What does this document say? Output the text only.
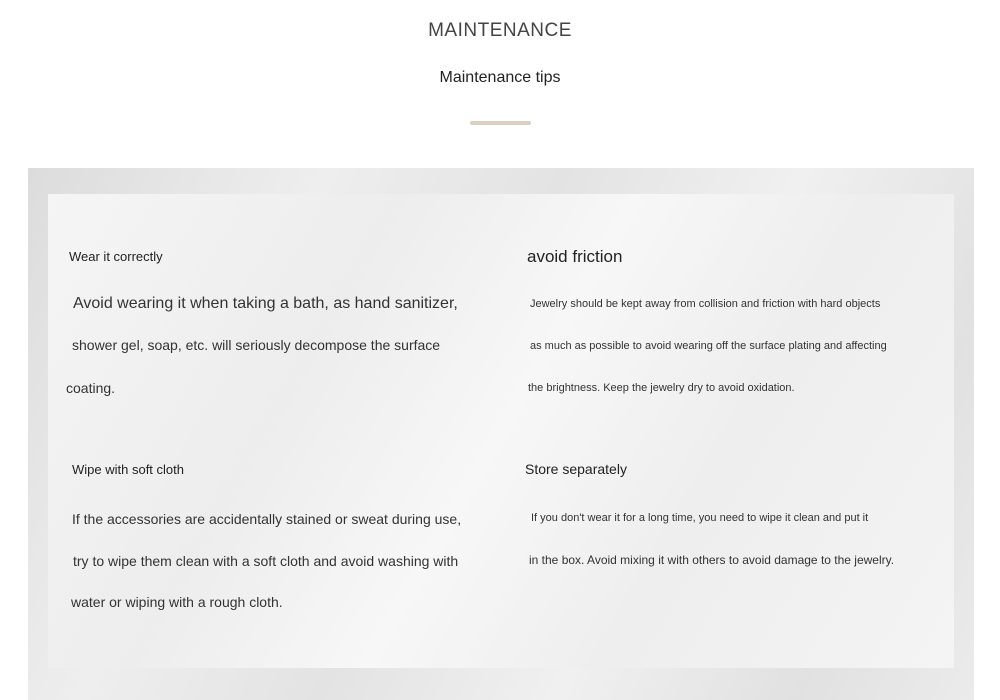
MAINTENANCE
Maintenance tips
Wear it correctly
Avoid wearing it when taking a bath, as hand sanitizer,
shower gel, soap, etc. will seriously decompose the surface
coating.
avoid friction
Jewelry should be kept away from collision and friction with hard objects
as much as possible to avoid wearing off the surface plating and affecting
the brightness. Keep the jewelry dry to avoid oxidation.
Wipe with soft cloth
If the accessories are accidentally stained or sweat during use,
try to wipe them clean with a soft cloth and avoid washing with
water or wiping with a rough cloth.
Store separately
If you don't wear it for a long time, you need to wipe it clean and put it
in the box. Avoid mixing it with others to avoid damage to the jewelry.
